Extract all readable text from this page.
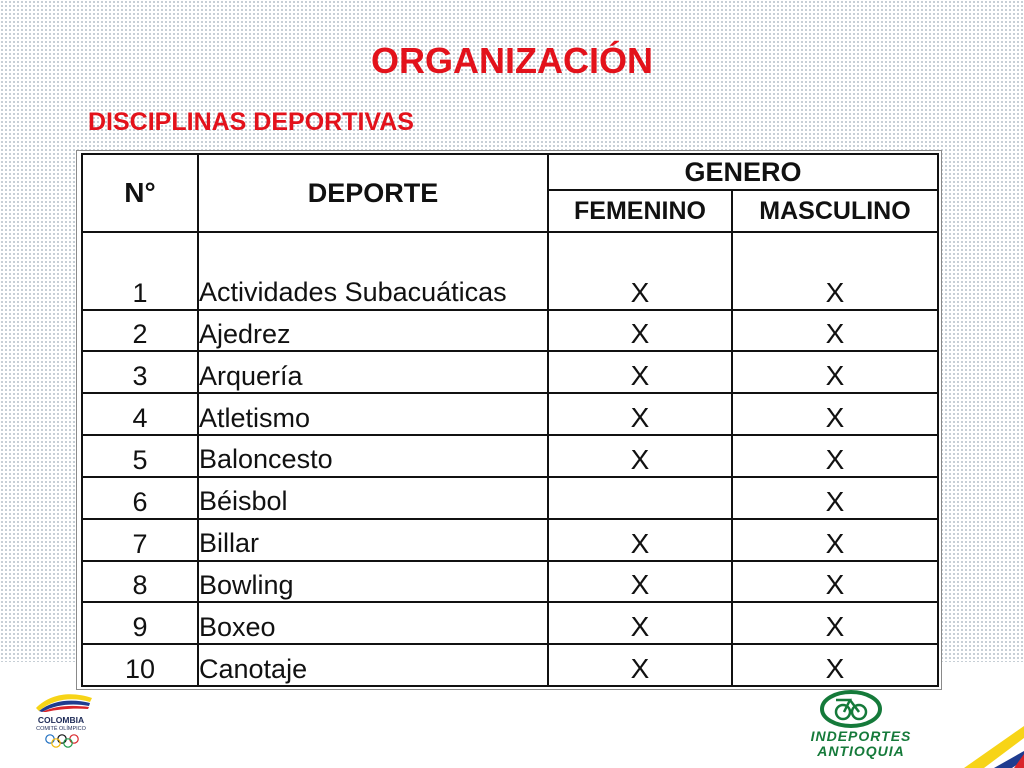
ORGANIZACIÓN
DISCIPLINAS DEPORTIVAS
N°	DEPORTE	GENERO	
		FEMENINO	MASCULINO
1	Actividades Subacuáticas	X	X
2	Ajedrez	X	X
3	Arquería	X	X
4	Atletismo	X	X
5	Baloncesto	X	X
6	Béisbol		X
7	Billar	X	X
8	Bowling	X	X
9	Boxeo	X	X
10	Canotaje	X	X
COLOMBIA
COMITÉ OLÍMPICO	INDEPORTES
ANTIOQUIA
